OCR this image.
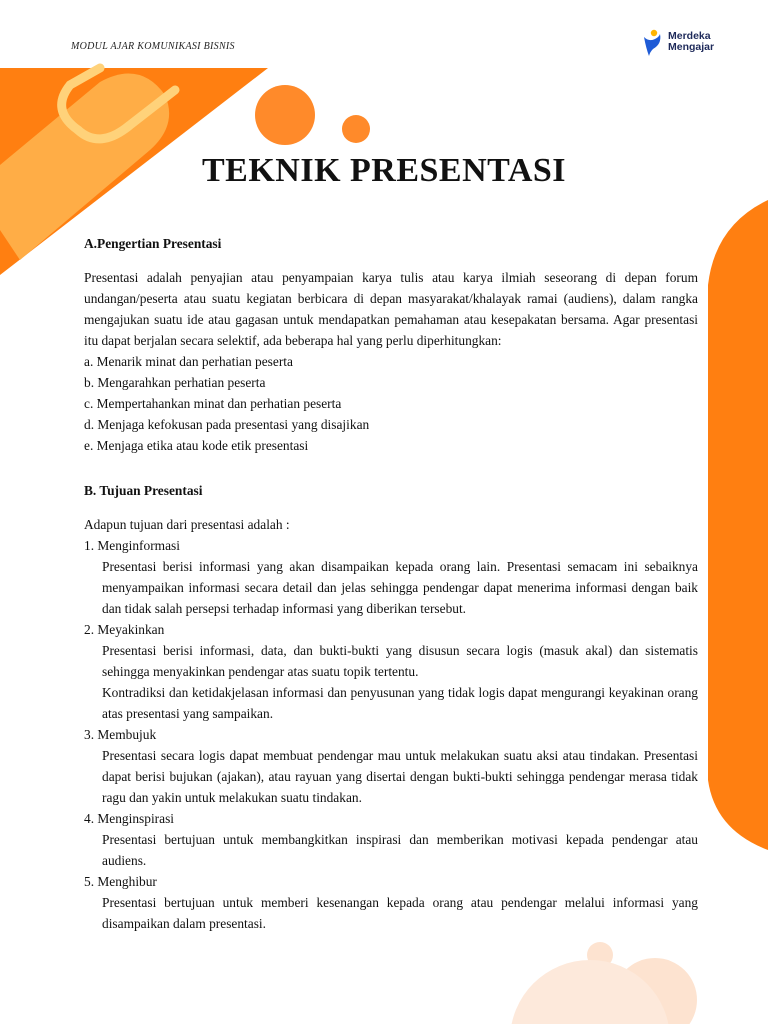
MODUL AJAR KOMUNIKASI BISNIS
Merdeka
Mengajar
TEKNIK PRESENTASI

A.Pengertian Presentasi

Presentasi adalah penyajian atau penyampaian karya tulis atau karya ilmiah seseorang di depan forum undangan/peserta atau suatu kegiatan berbicara di depan masyarakat/khalayak ramai (audiens), dalam rangka mengajukan suatu ide atau gagasan untuk mendapatkan pemahaman atau kesepakatan bersama. Agar presentasi itu dapat berjalan secara selektif, ada beberapa hal yang perlu diperhitungkan:

a. Menarik minat dan perhatian peserta

b. Mengarahkan perhatian peserta

c. Mempertahankan minat dan perhatian peserta

d. Menjaga kefokusan pada presentasi yang disajikan

e. Menjaga etika atau kode etik presentasi

B. Tujuan Presentasi

Adapun tujuan dari presentasi adalah :

1. Menginformasi

Presentasi berisi informasi yang akan disampaikan kepada orang lain. Presentasi semacam ini sebaiknya menyampaikan informasi secara detail dan jelas sehingga pendengar dapat menerima informasi dengan baik dan tidak salah persepsi terhadap informasi yang diberikan tersebut.

2. Meyakinkan

Presentasi berisi informasi, data, dan bukti-bukti yang disusun secara logis (masuk akal) dan sistematis sehingga menyakinkan pendengar atas suatu topik tertentu.

Kontradiksi dan ketidakjelasan informasi dan penyusunan yang tidak logis dapat mengurangi keyakinan orang atas presentasi yang sampaikan.

3. Membujuk

Presentasi secara logis dapat membuat pendengar mau untuk melakukan suatu aksi atau tindakan. Presentasi dapat berisi bujukan (ajakan), atau rayuan yang disertai dengan bukti-bukti sehingga pendengar merasa tidak ragu dan yakin untuk melakukan suatu tindakan.

4. Menginspirasi

Presentasi bertujuan untuk membangkitkan inspirasi dan memberikan motivasi kepada pendengar atau audiens.

5. Menghibur

Presentasi bertujuan untuk memberi kesenangan kepada orang atau pendengar melalui informasi yang disampaikan dalam presentasi.
